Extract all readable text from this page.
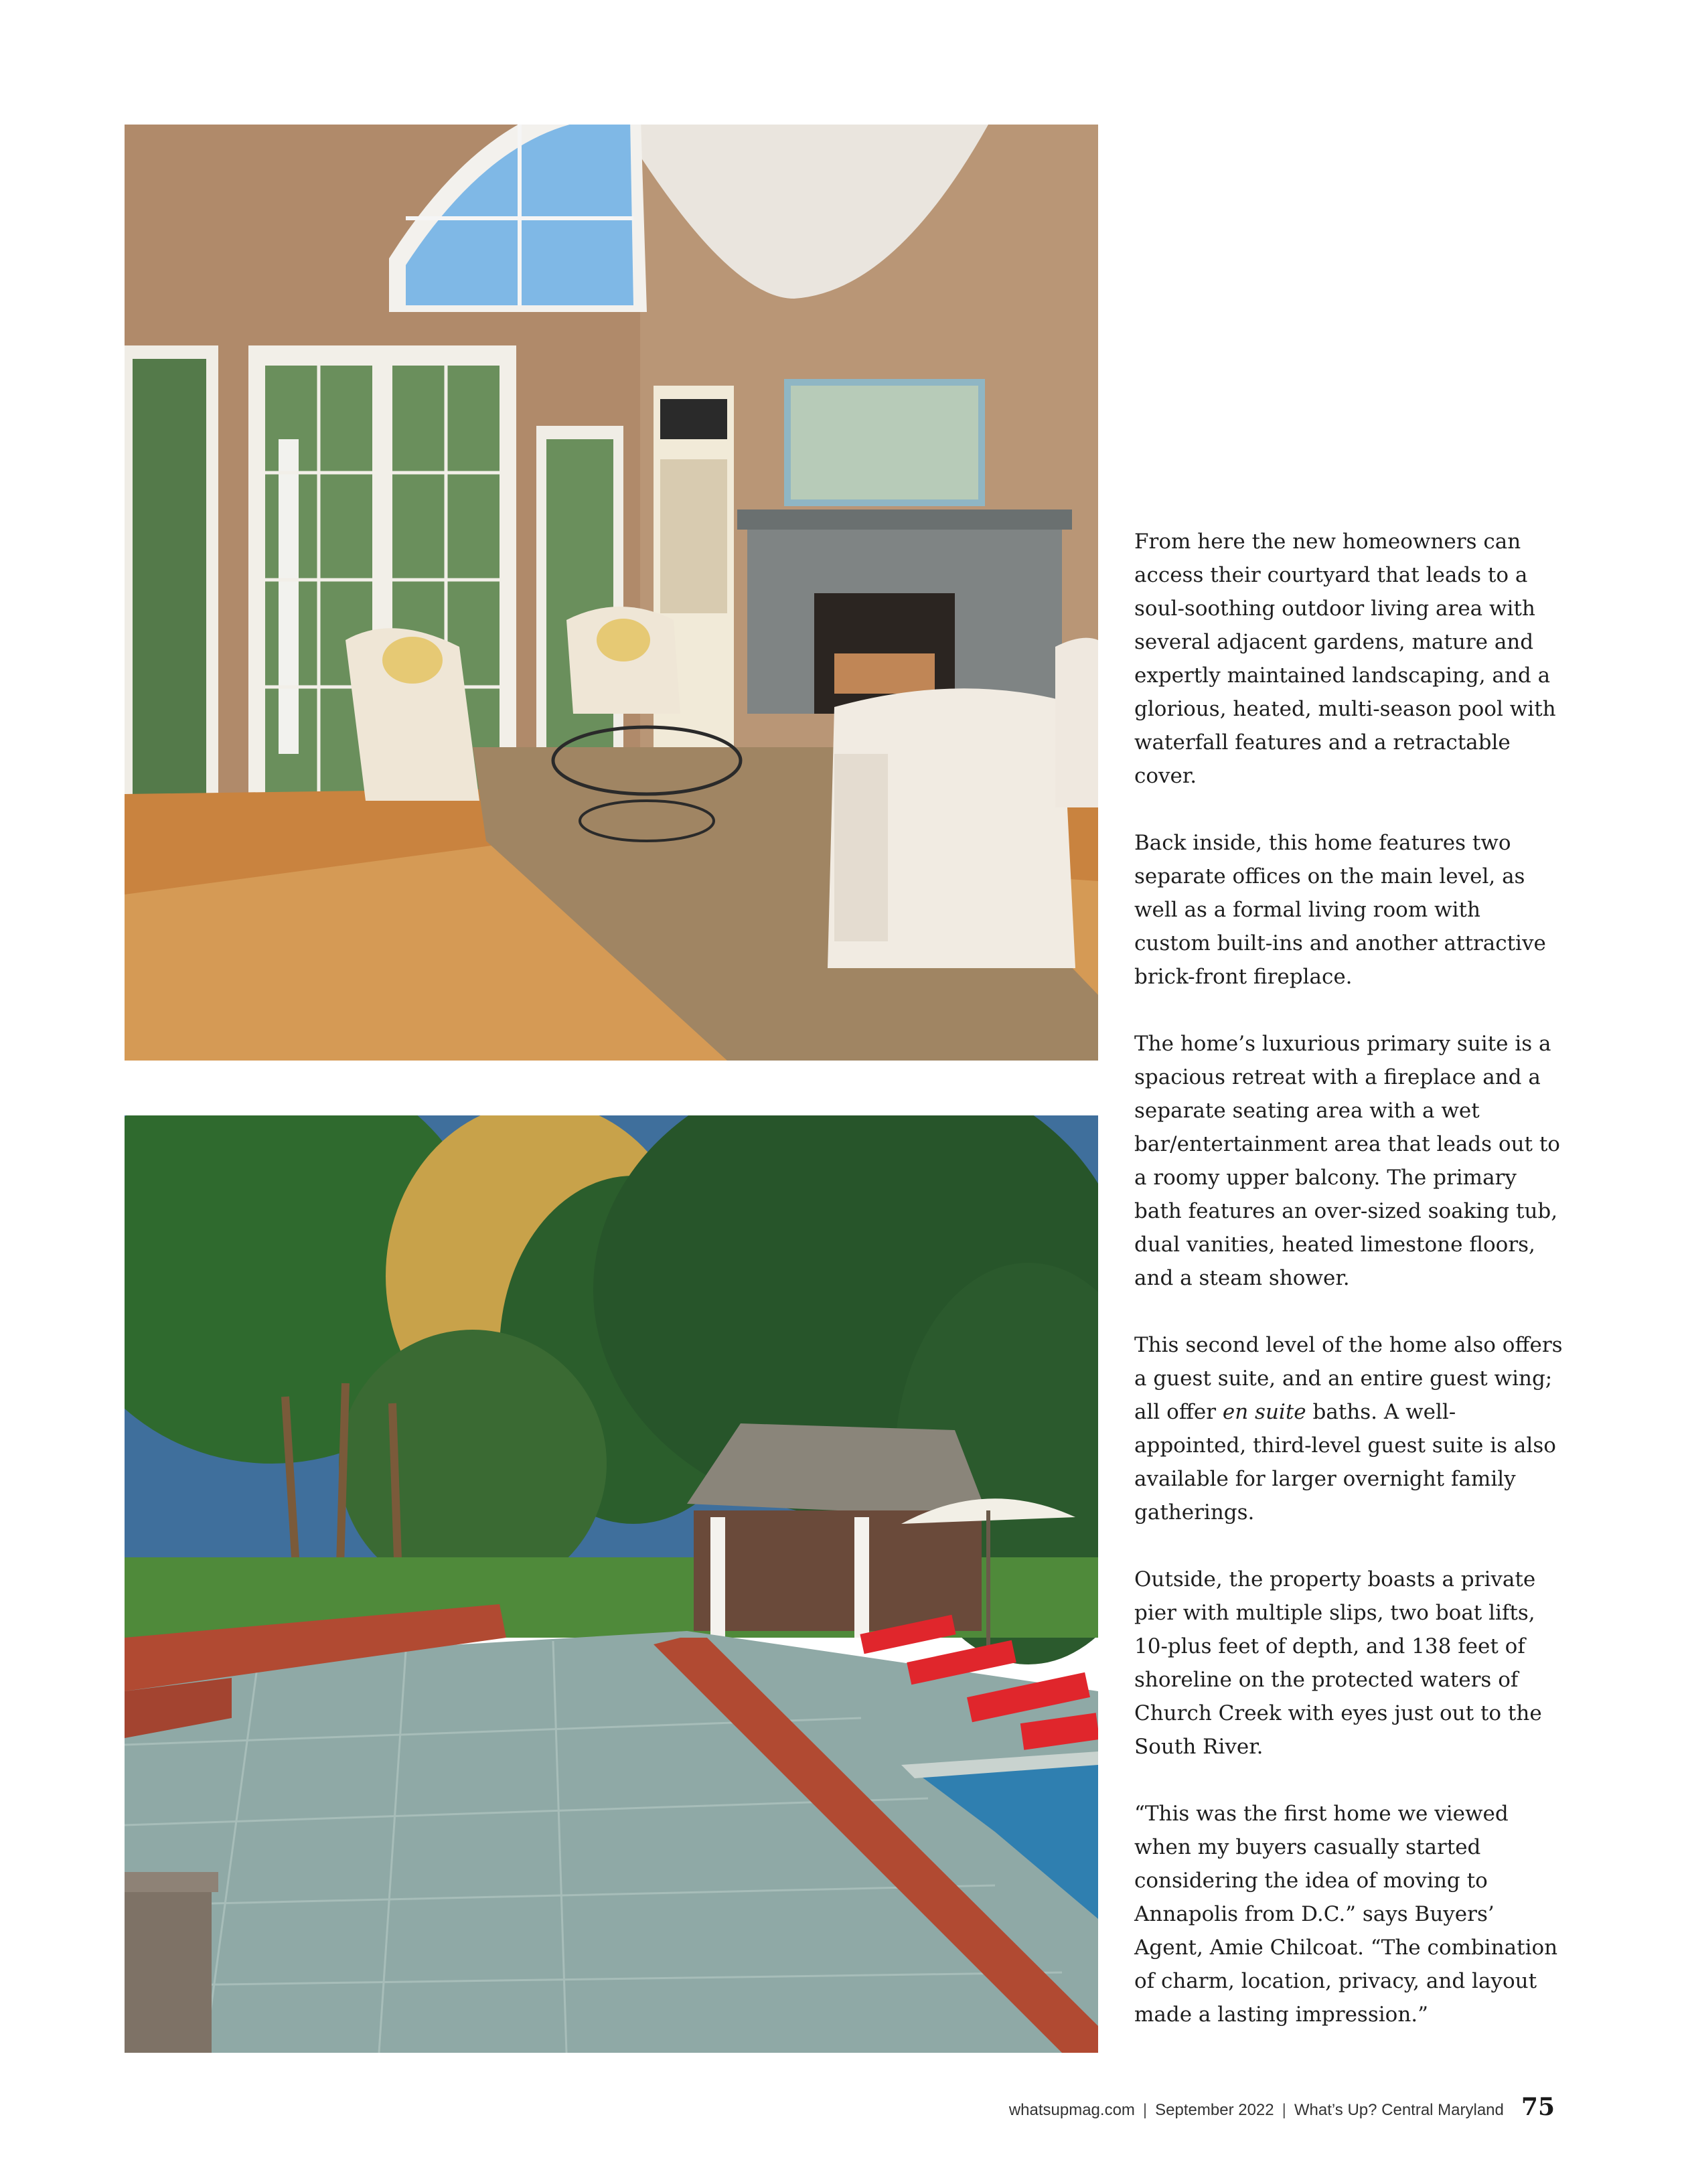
From here the new homeowners can access their courtyard that leads to a soul-soothing outdoor living area with several adjacent gardens, mature and expertly maintained landscaping, and a glorious, heated, multi-season pool with waterfall features and a retractable cover.

Back inside, this home features two separate offices on the main level, as well as a formal living room with custom built-ins and another attractive brick-front fireplace.

The home’s luxurious primary suite is a spacious retreat with a fireplace and a separate seating area with a wet bar/entertainment area that leads out to a roomy upper balcony. The primary bath features an over-sized soaking tub, dual vanities, heated limestone floors, and a steam shower.

This second level of the home also offers a guest suite, and an entire guest wing; all offer en suite baths. A well-appointed, third-level guest suite is also available for larger overnight family gatherings.

Outside, the property boasts a private pier with multiple slips, two boat lifts, 10-plus feet of depth, and 138 feet of shoreline on the protected waters of Church Creek with eyes just out to the South River.

“This was the first home we viewed when my buyers casually started considering the idea of moving to Annapolis from D.C.” says Buyers’ Agent, Amie Chilcoat. “The combination of charm, location, privacy, and layout made a lasting impression.”

whatsupmag.com | September 2022 | What’s Up? Central Maryland 75
